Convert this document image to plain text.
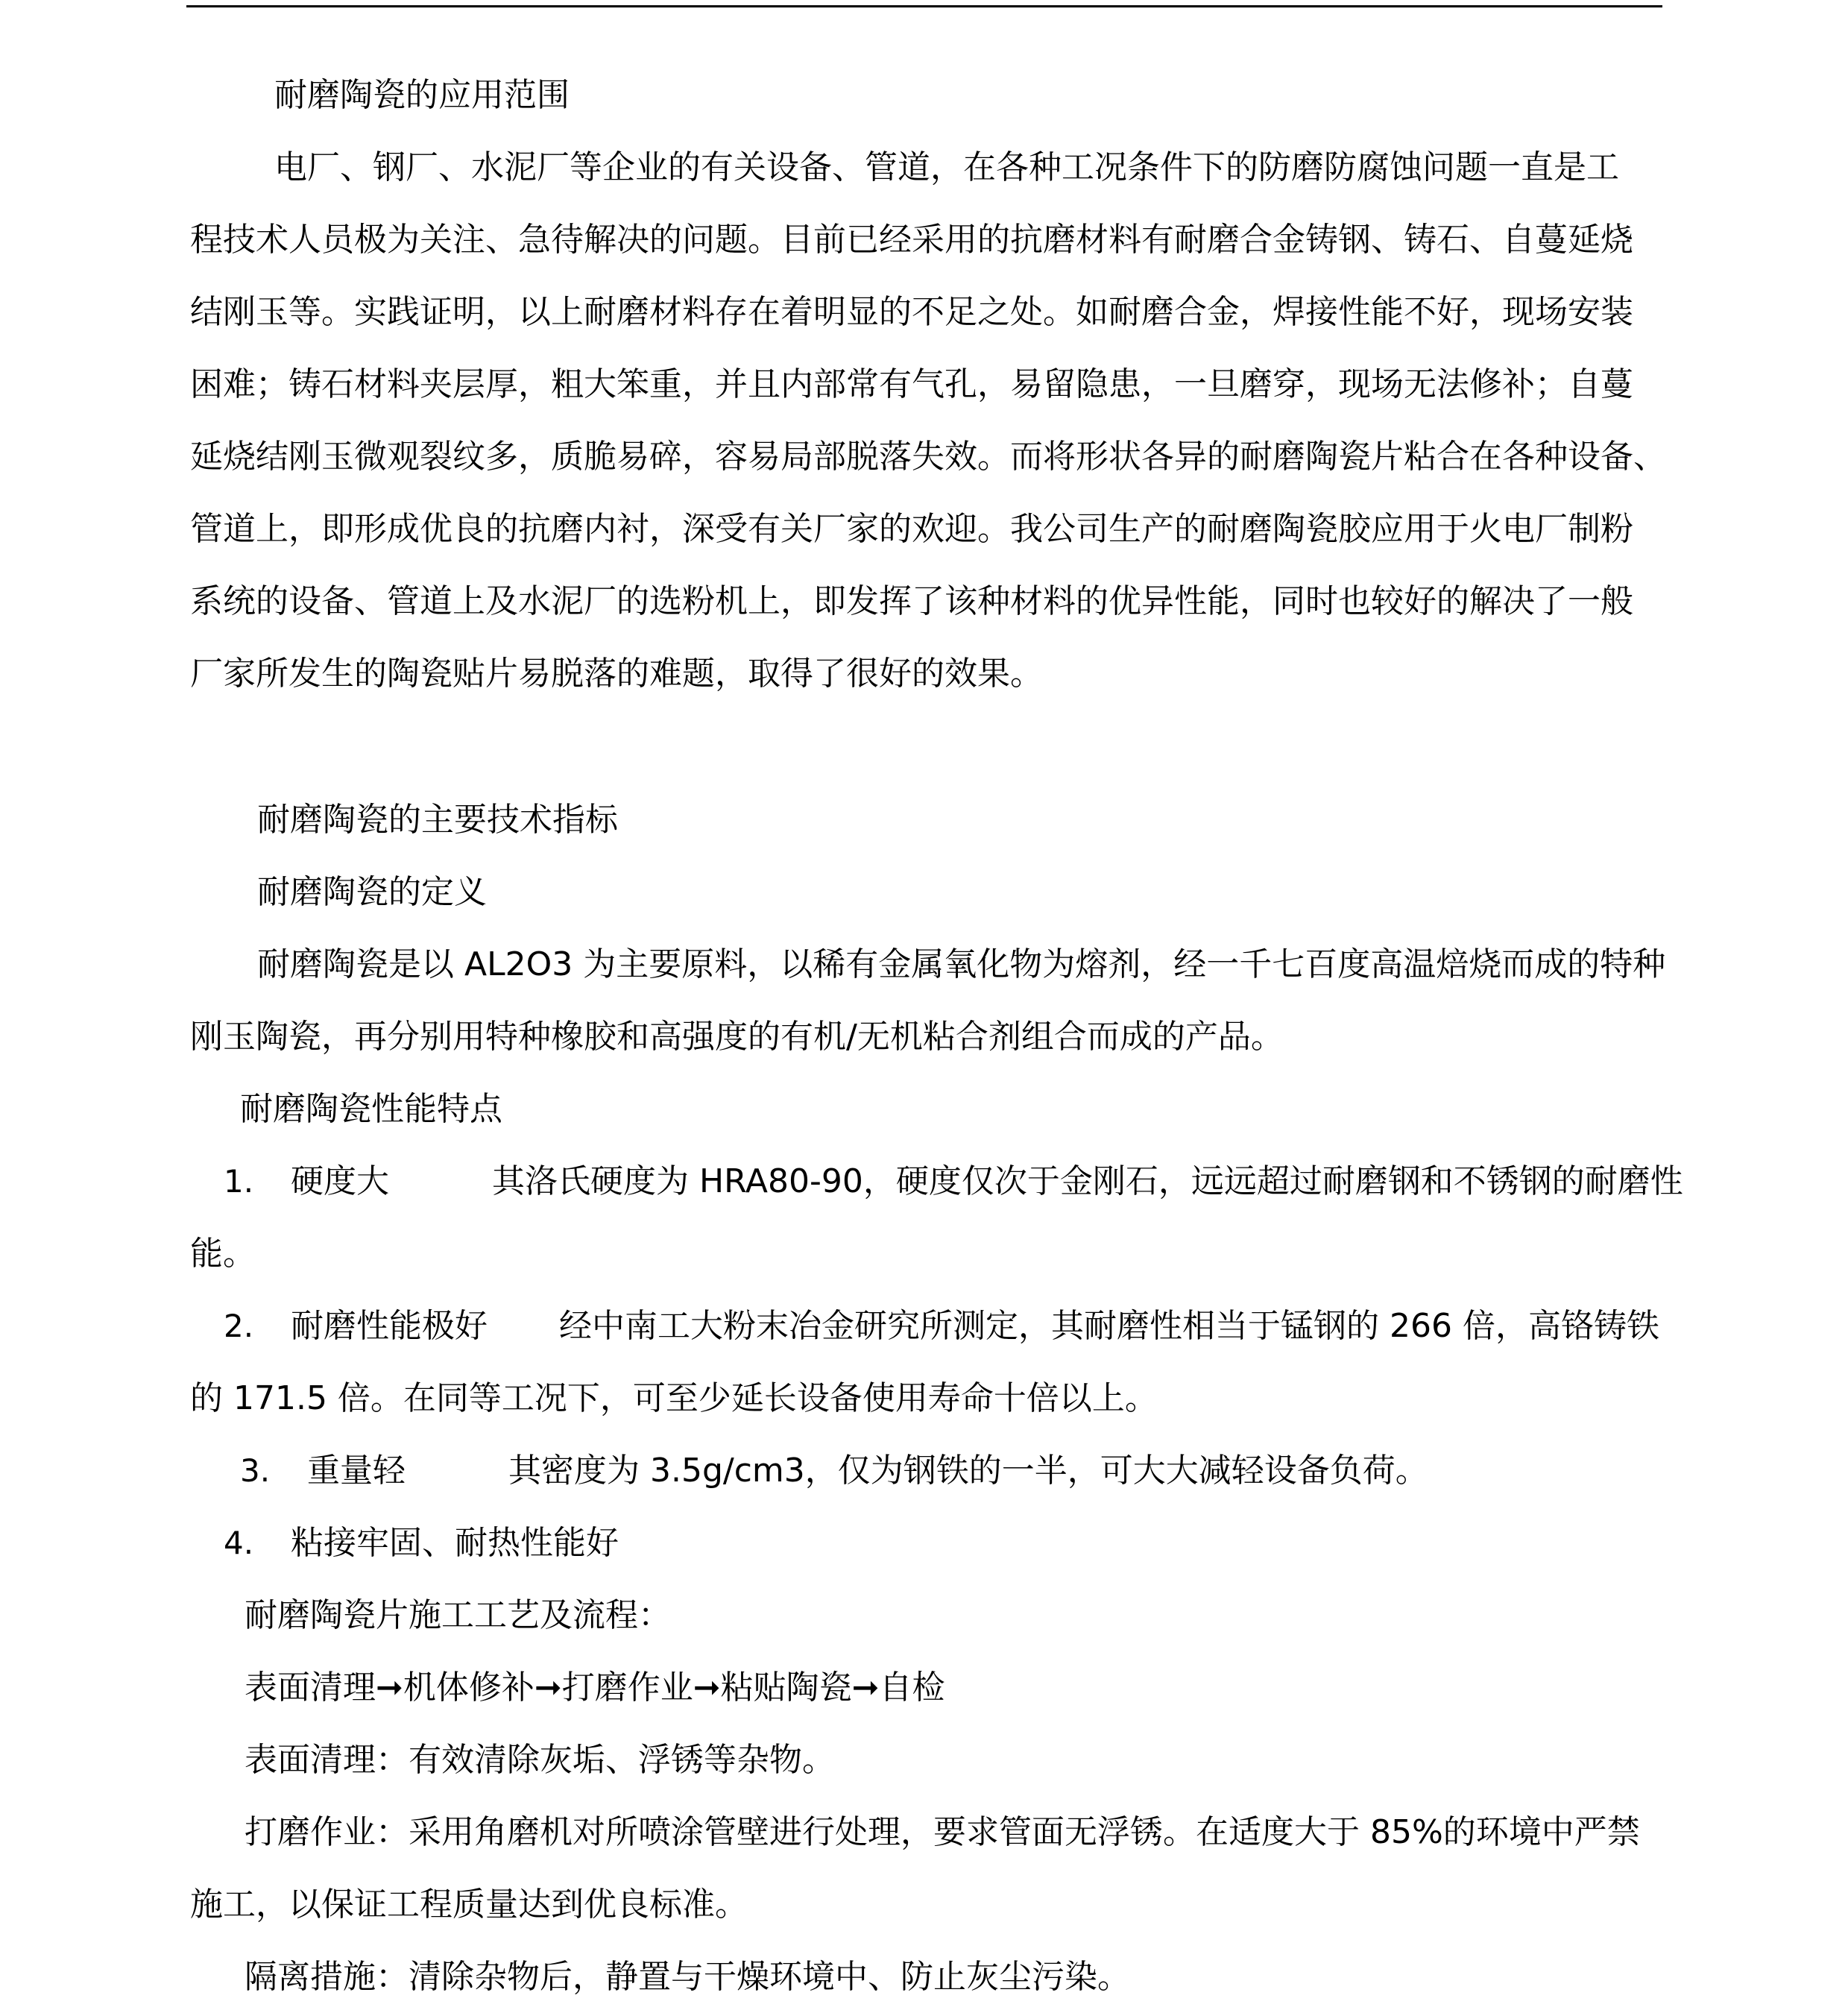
耐磨陶瓷的应用范围
电厂、钢厂、水泥厂等企业的有关设备、管道，在各种工况条件下的防磨防腐蚀问题一直是工
程技术人员极为关注、急待解决的问题。目前已经采用的抗磨材料有耐磨合金铸钢、铸石、自蔓延烧
结刚玉等。实践证明，以上耐磨材料存在着明显的不足之处。如耐磨合金，焊接性能不好，现场安装
困难；铸石材料夹层厚，粗大笨重，并且内部常有气孔，易留隐患，一旦磨穿，现场无法修补；自蔓
延烧结刚玉微观裂纹多，质脆易碎，容易局部脱落失效。而将形状各异的耐磨陶瓷片粘合在各种设备、
管道上，即形成优良的抗磨内衬，深受有关厂家的欢迎。我公司生产的耐磨陶瓷胶应用于火电厂制粉
系统的设备、管道上及水泥厂的选粉机上，即发挥了该种材料的优异性能，同时也较好的解决了一般
厂家所发生的陶瓷贴片易脱落的难题，取得了很好的效果。
耐磨陶瓷的主要技术指标
耐磨陶瓷的定义
耐磨陶瓷是以 AL2O3 为主要原料，以稀有金属氧化物为熔剂，经一千七百度高温焙烧而成的特种
刚玉陶瓷，再分别用特种橡胶和高强度的有机/无机粘合剂组合而成的产品。
耐磨陶瓷性能特点
1. 硬度大	其洛氏硬度为 HRA80-90，硬度仅次于金刚石，远远超过耐磨钢和不锈钢的耐磨性
能。
2. 耐磨性能极好 经中南工大粉末冶金研究所测定，其耐磨性相当于锰钢的 266 倍，高铬铸铁
的 171.5 倍。在同等工况下，可至少延长设备使用寿命十倍以上。
3. 重量轻	其密度为 3.5g/cm3，仅为钢铁的一半，可大大减轻设备负荷。
4. 粘接牢固、耐热性能好
耐磨陶瓷片施工工艺及流程：
表面清理➞机体修补➞打磨作业➞粘贴陶瓷➞自检
表面清理：有效清除灰垢、浮锈等杂物。
打磨作业：采用角磨机对所喷涂管壁进行处理，要求管面无浮锈。在适度大于 85%的环境中严禁
施工，以保证工程质量达到优良标准。
隔离措施：清除杂物后，静置与干燥环境中、防止灰尘污染。
